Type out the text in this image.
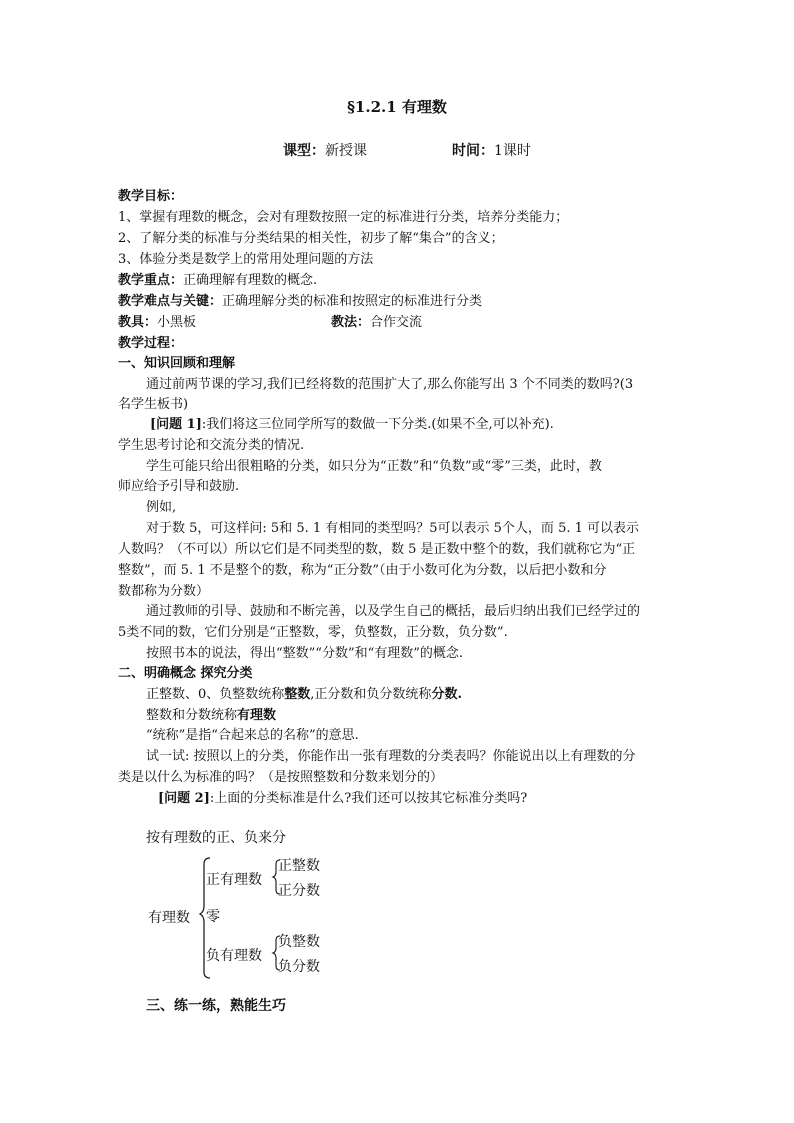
§1.2.1 有理数
课型：新授课	时间：1课时
教学目标：
1、掌握有理数的概念，会对有理数按照一定的标准进行分类，培养分类能力；
2、了解分类的标准与分类结果的相关性，初步了解“集合”的含义；
3、体验分类是数学上的常用处理问题的方法
教学重点：正确理解有理数的概念.
教学难点与关键：正确理解分类的标准和按照定的标准进行分类
教具：小黑板	教法：合作交流
教学过程：
一、知识回顾和理解
通过前两节课的学习,我们已经将数的范围扩大了,那么你能写出 3 个不同类的数吗?(3
名学生板书)
[问题 1]:我们将这三位同学所写的数做一下分类.(如果不全,可以补充).
学生思考讨论和交流分类的情况.
学生可能只给出很粗略的分类，如只分为“正数”和“负数”或“零”三类，此时，教
师应给予引导和鼓励.
例如,
对于数 5，可这样问: 5和 5. 1 有相同的类型吗？5可以表示 5个人，而 5. 1 可以表示
人数吗？（不可以）所以它们是不同类型的数，数 5 是正数中整个的数，我们就称它为“正
整数”，而 5. 1 不是整个的数，称为“正分数”（由于小数可化为分数，以后把小数和分
数都称为分数）
通过教师的引导、鼓励和不断完善，以及学生自己的概括，最后归纳出我们已经学过的
5类不同的数，它们分别是“正整数，零，负整数，正分数，负分数”.
按照书本的说法，得出“整数”“分数”和“有理数”的概念.
二、明确概念 探究分类
正整数、0、负整数统称整数,正分数和负分数统称分数.
整数和分数统称有理数
“统称”是指“合起来总的名称”的意思.
试一试: 按照以上的分类，你能作出一张有理数的分类表吗？你能说出以上有理数的分
类是以什么为标准的吗？（是按照整数和分数来划分的）
[问题 2]:上面的分类标准是什么?我们还可以按其它标准分类吗?
按有理数的正、负来分
有理数
正有理数
正整数
正分数
零
负有理数
负整数
负分数
三、练一练，熟能生巧
